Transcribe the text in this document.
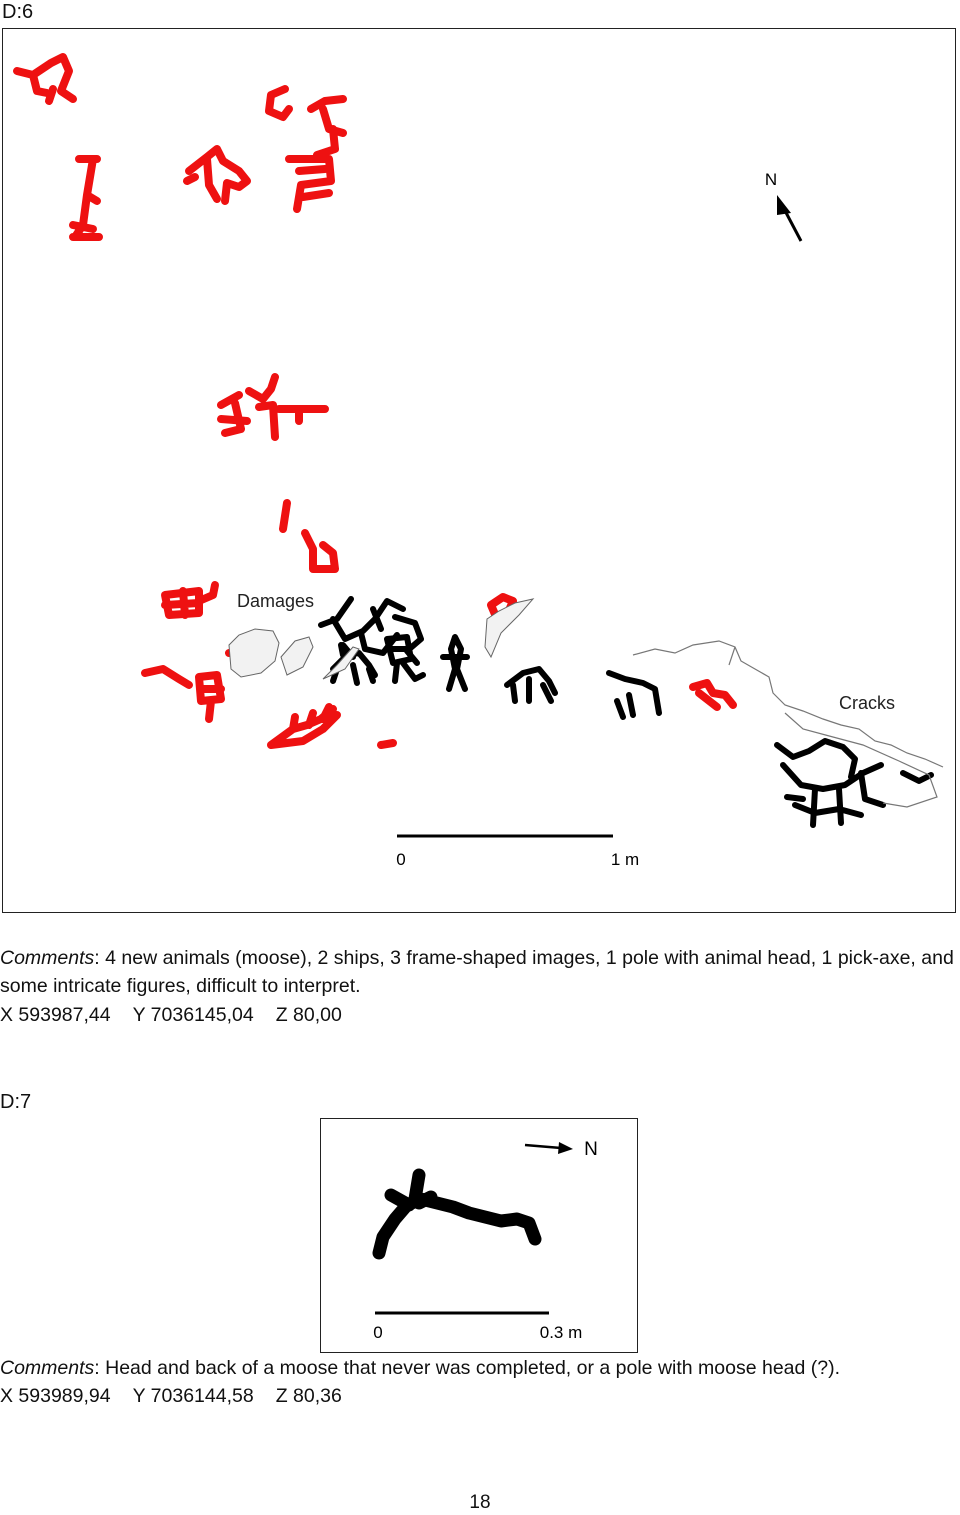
D:6
N
Damages
Cracks
0	1 m
Comments: 4 new animals (moose), 2 ships, 3 frame-shaped images, 1 pole with animal head, 1 pick-axe, and some intricate figures, difficult to interpret.
X 593987,44 Y 7036145,04 Z 80,00
D:7
N
0	0.3 m
Comments: Head and back of a moose that never was completed, or a pole with moose head (?).
X 593989,94 Y 7036144,58 Z 80,36
18
